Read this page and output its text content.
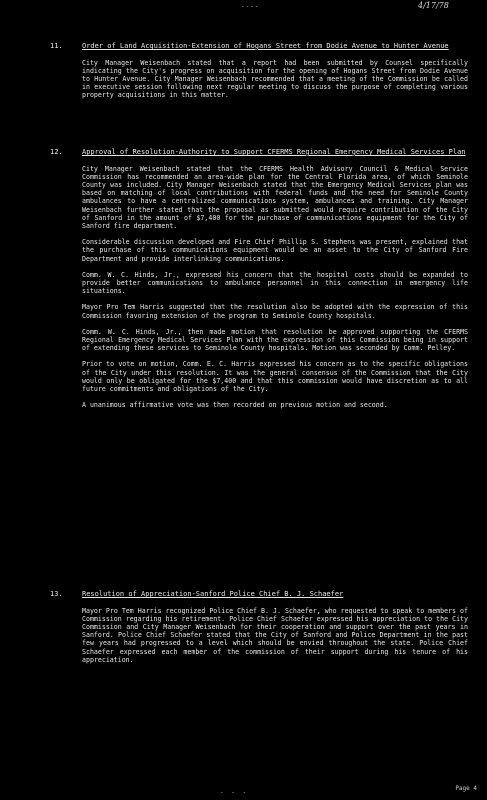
----	4/17/78
11.	Order of Land Acquisition-Extension of Hogans Street from Dodie Avenue to Hunter Avenue

City Manager Weisenbach stated that a report had been submitted by Counsel specifically indicating the City's progress on acquisition for the opening of Hogans Street from Dodie Avenue to Hunter Avenue. City Manager Weisenbach recommended that a meeting of the Commission be called in executive session following next regular meeting to discuss the purpose of completing various property acquisitions in this matter.

12.	Approval of Resolution-Authority to Support CFERMS Regional Emergency Medical Services Plan

City Manager Weisenbach stated that the CFERMS Health Advisory Council & Medical Service Commission has recommended an area-wide plan for the Central Florida area, of which Seminole County was included. City Manager Weisenbach stated that the Emergency Medical Services plan was based on matching of local contributions with federal funds and the need for Seminole County ambulances to have a centralized communications system, ambulances and training. City Manager Weisenbach further stated that the proposal as submitted would require contribution of the City of Sanford in the amount of $7,400 for the purchase of communications equipment for the City of Sanford fire department.

Considerable discussion developed and Fire Chief Phillip S. Stephens was present, explained that the purchase of this communications equipment would be an asset to the City of Sanford Fire Department and provide interlinking communications.

Comm. W. C. Hinds, Jr., expressed his concern that the hospital costs should be expanded to provide better communications to ambulance personnel in this connection in emergency life situations.

Mayor Pro Tem Harris suggested that the resolution also be adopted with the expression of this Commission favoring extension of the program to Seminole County hospitals.

Comm. W. C. Hinds, Jr., then made motion that resolution be approved supporting the CFERMS Regional Emergency Medical Services Plan with the expression of this Commission being in support of extending these services to Seminole County hospitals. Motion was seconded by Comm. Pelley.

Prior to vote on motion, Comm. E. C. Harris expressed his concern as to the specific obligations of the City under this resolution. It was the general consensus of the Commission that the City would only be obligated for the $7,400 and that this commission would have discretion as to all future commitments and obligations of the City.

A unanimous affirmative vote was then recorded on previous motion and second.

13.	Resolution of Appreciation-Sanford Police Chief B. J. Schaefer

Mayor Pro Tem Harris recognized Police Chief B. J. Schaefer, who requested to speak to members of Commission regarding his retirement. Police Chief Schaefer expressed his appreciation to the City Commission and City Manager Weisenbach for their cooperation and support over the past years in Sanford. Police Chief Schaefer stated that the City of Sanford and Police Department in the past few years had progressed to a level which should be envied throughout the state. Police Chief Schaefer expressed each member of the commission of their support during his tenure of his appreciation.

- - -
Page 4
